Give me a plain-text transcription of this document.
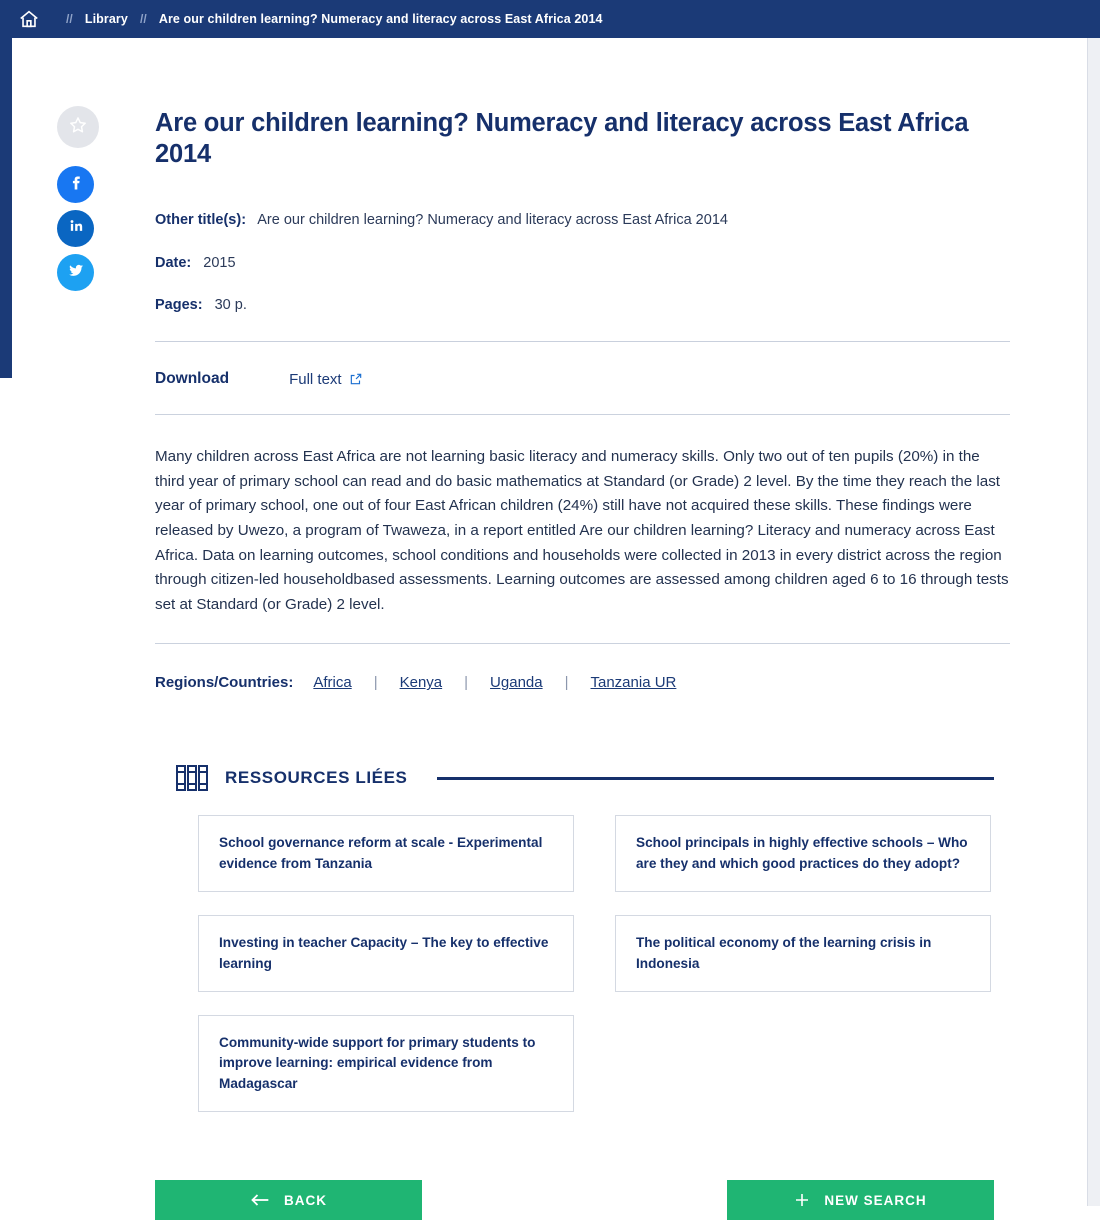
// Library // Are our children learning? Numeracy and literacy across East Africa 2014
Are our children learning? Numeracy and literacy across East Africa 2014
Other title(s): Are our children learning? Numeracy and literacy across East Africa 2014
Date: 2015
Pages: 30 p.
Download	Full text

Many children across East Africa are not learning basic literacy and numeracy skills. Only two out of ten pupils (20%) in the third year of primary school can read and do basic mathematics at Standard (or Grade) 2 level. By the time they reach the last year of primary school, one out of four East African children (24%) still have not acquired these skills. These findings were released by Uwezo, a program of Twaweza, in a report entitled Are our children learning? Literacy and numeracy across East Africa. Data on learning outcomes, school conditions and households were collected in 2013 in every district across the region through citizen-led householdbased assessments. Learning outcomes are assessed among children aged 6 to 16 through tests set at Standard (or Grade) 2 level.

Regions/Countries: Africa | Kenya | Uganda | Tanzania UR
RESSOURCES LIÉES
School governance reform at scale - Experimental evidence from Tanzania
Investing in teacher Capacity – The key to effective learning
Community-wide support for primary students to improve learning: empirical evidence from Madagascar
School principals in highly effective schools – Who are they and which good practices do they adopt?
The political economy of the learning crisis in Indonesia
BACK	NEW SEARCH
